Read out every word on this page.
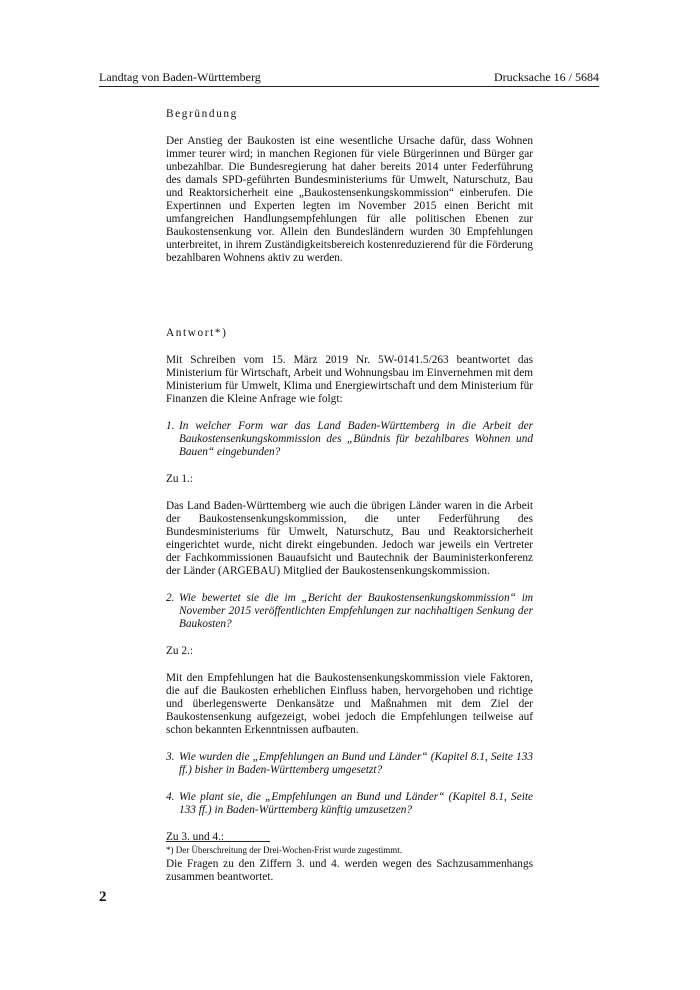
Landtag von Baden-Württemberg	Drucksache 16 / 5684
Begründung

Der Anstieg der Baukosten ist eine wesentliche Ursache dafür, dass Wohnen immer teurer wird; in manchen Regionen für viele Bürgerinnen und Bürger gar unbezahlbar. Die Bundesregierung hat daher bereits 2014 unter Federführung des damals SPD-geführten Bundesministeriums für Umwelt, Naturschutz, Bau und Reaktorsicherheit eine „Baukostensenkungskommission“ einberufen. Die Expertinnen und Experten legten im November 2015 einen Bericht mit umfangreichen Handlungsempfehlungen für alle politischen Ebenen zur Baukostensenkung vor. Allein den Bundesländern wurden 30 Empfehlungen unterbreitet, in ihrem Zuständigkeitsbereich kostenreduzierend für die Förderung bezahlbaren Wohnens aktiv zu werden.

Antwort*)

Mit Schreiben vom 15. März 2019 Nr. 5W-0141.5/263 beantwortet das Ministerium für Wirtschaft, Arbeit und Wohnungsbau im Einvernehmen mit dem Ministerium für Umwelt, Klima und Energiewirtschaft und dem Ministerium für Finanzen die Kleine Anfrage wie folgt:

1. In welcher Form war das Land Baden-Württemberg in die Arbeit der Baukostensenkungskommission des „Bündnis für bezahlbares Wohnen und Bauen“ eingebunden?
Zu 1.:

Das Land Baden-Württemberg wie auch die übrigen Länder waren in die Arbeit der Baukostensenkungskommission, die unter Federführung des Bundesministeriums für Umwelt, Naturschutz, Bau und Reaktorsicherheit eingerichtet wurde, nicht direkt eingebunden. Jedoch war jeweils ein Vertreter der Fachkommissionen Bauaufsicht und Bautechnik der Bauministerkonferenz der Länder (ARGEBAU) Mitglied der Baukostensenkungskommission.

2. Wie bewertet sie die im „Bericht der Baukostensenkungskommission“ im November 2015 veröffentlichten Empfehlungen zur nachhaltigen Senkung der Baukosten?
Zu 2.:

Mit den Empfehlungen hat die Baukostensenkungskommission viele Faktoren, die auf die Baukosten erheblichen Einfluss haben, hervorgehoben und richtige und überlegenswerte Denkansätze und Maßnahmen mit dem Ziel der Baukostensenkung aufgezeigt, wobei jedoch die Empfehlungen teilweise auf schon bekannten Erkenntnissen aufbauten.

3. Wie wurden die „Empfehlungen an Bund und Länder“ (Kapitel 8.1, Seite 133 ff.) bisher in Baden-Württemberg umgesetzt?
4. Wie plant sie, die „Empfehlungen an Bund und Länder“ (Kapitel 8.1, Seite 133 ff.) in Baden-Württemberg künftig umzusetzen?
Zu 3. und 4.:

Die Fragen zu den Ziffern 3. und 4. werden wegen des Sachzusammenhangs zusammen beantwortet.

*) Der Überschreitung der Drei-Wochen-Frist wurde zugestimmt.
2
